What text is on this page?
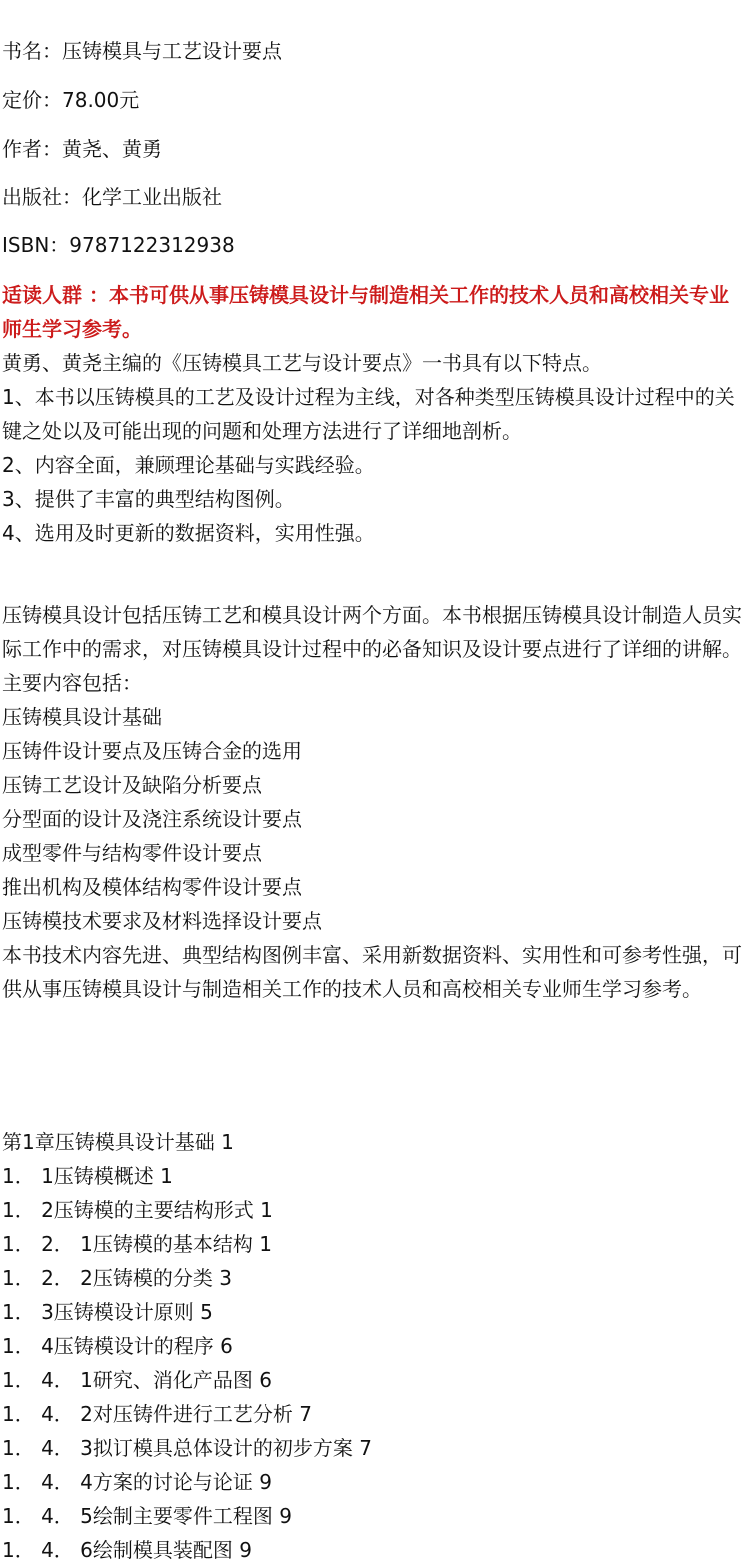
书名：压铸模具与工艺设计要点
定价：78.00元
作者：黄尧、黄勇
出版社：化学工业出版社
ISBN：9787122312938
适读人群 ：本书可供从事压铸模具设计与制造相关工作的技术人员和高校相关专业师生学习参考。

黄勇、黄尧主编的《压铸模具工艺与设计要点》一书具有以下特点。

1、本书以压铸模具的工艺及设计过程为主线，对各种类型压铸模具设计过程中的关键之处以及可能出现的问题和处理方法进行了详细地剖析。

2、内容全面，兼顾理论基础与实践经验。

3、提供了丰富的典型结构图例。

4、选用及时更新的数据资料，实用性强。

压铸模具设计包括压铸工艺和模具设计两个方面。本书根据压铸模具设计制造人员实际工作中的需求，对压铸模具设计过程中的必备知识及设计要点进行了详细的讲解。

主要内容包括：

压铸模具设计基础

压铸件设计要点及压铸合金的选用

压铸工艺设计及缺陷分析要点

分型面的设计及浇注系统设计要点

成型零件与结构零件设计要点

推出机构及模体结构零件设计要点

压铸模技术要求及材料选择设计要点

本书技术内容先进、典型结构图例丰富、采用新数据资料、实用性和可参考性强，可供从事压铸模具设计与制造相关工作的技术人员和高校相关专业师生学习参考。

第1章压铸模具设计基础 1

1． 1压铸模概述 1

1． 2压铸模的主要结构形式 1

1． 2． 1压铸模的基本结构 1

1． 2． 2压铸模的分类 3

1． 3压铸模设计原则 5

1． 4压铸模设计的程序 6

1． 4． 1研究、消化产品图 6

1． 4． 2对压铸件进行工艺分析 7

1． 4． 3拟订模具总体设计的初步方案 7

1． 4． 4方案的讨论与论证 9

1． 4． 5绘制主要零件工程图 9

1． 4． 6绘制模具装配图 9
